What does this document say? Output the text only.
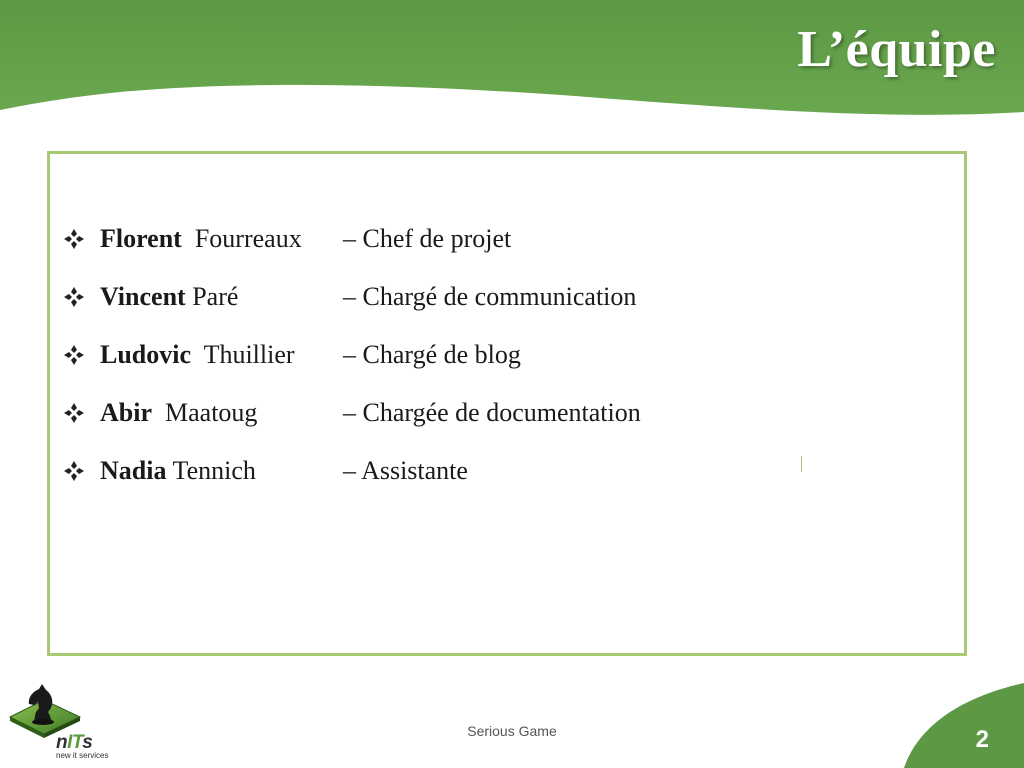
L’équipe
Florent Fourreaux – Chef de projet
Vincent Paré	– Chargé de communication
Ludovic Thuillier – Chargé de blog
Abir Maatoug	– Chargée de documentation
Nadia Tennich	– Assistante
nITs
new it services

Serious Game	2
